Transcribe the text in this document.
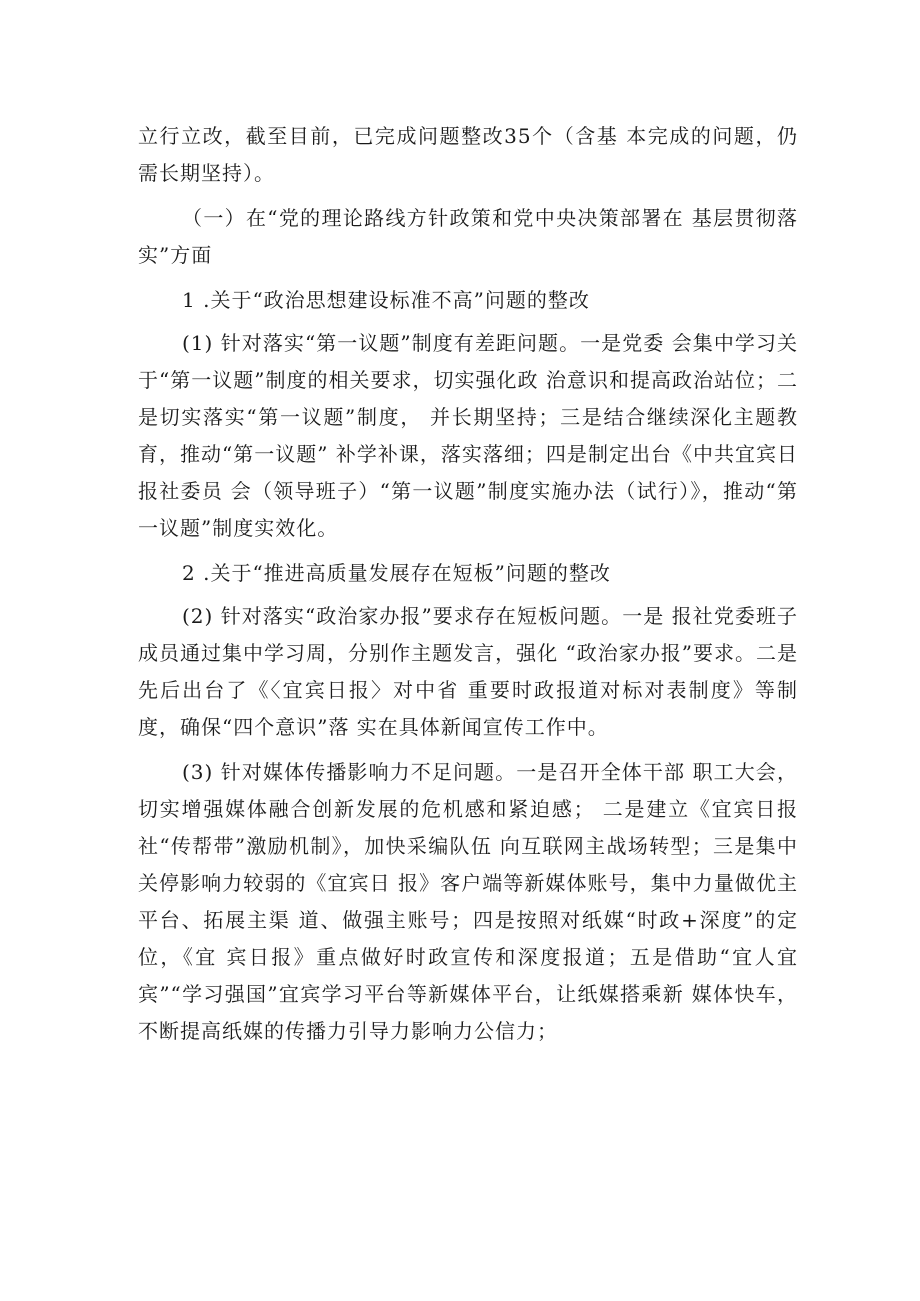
立行立改，截至目前，已完成问题整改35个（含基 本完成的问题，仍需长期坚持）。

（一）在“党的理论路线方针政策和党中央决策部署在 基层贯彻落实”方面

1 .关于“政治思想建设标准不高”问题的整改

(1) 针对落实“第一议题”制度有差距问题。一是党委 会集中学习关于“第一议题”制度的相关要求，切实强化政 治意识和提高政治站位；二是切实落实“第一议题”制度， 并长期坚持；三是结合继续深化主题教育，推动“第一议题” 补学补课，落实落细；四是制定出台《中共宜宾日报社委员 会（领导班子）“第一议题”制度实施办法（试行）》，推动“第 一议题”制度实效化。

2 .关于“推进高质量发展存在短板”问题的整改

(2) 针对落实“政治家办报”要求存在短板问题。一是 报社党委班子成员通过集中学习周，分别作主题发言，强化 “政治家办报”要求。二是先后出台了《〈宜宾日报〉对中省 重要时政报道对标对表制度》等制度，确保“四个意识”落 实在具体新闻宣传工作中。

(3) 针对媒体传播影响力不足问题。一是召开全体干部 职工大会，切实增强媒体融合创新发展的危机感和紧迫感； 二是建立《宜宾日报社“传帮带”激励机制》，加快采编队伍 向互联网主战场转型；三是集中关停影响力较弱的《宜宾日 报》客户端等新媒体账号，集中力量做优主平台、拓展主渠 道、做强主账号；四是按照对纸媒“时政+深度”的定位，《宜 宾日报》重点做好时政宣传和深度报道；五是借助“宜人宜 宾”“学习强国”宜宾学习平台等新媒体平台，让纸媒搭乘新 媒体快车，不断提高纸媒的传播力引导力影响力公信力；
